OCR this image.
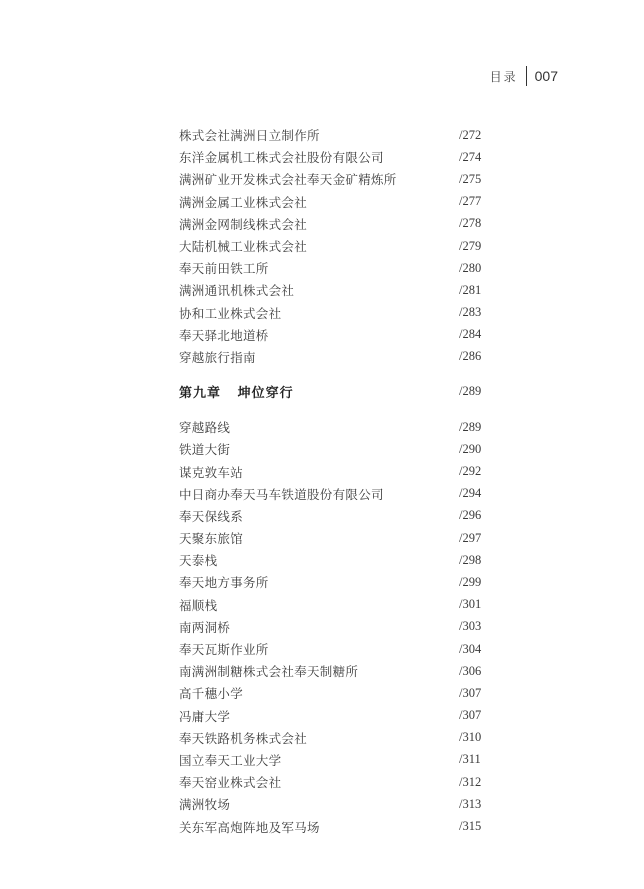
目录 007
株式会社满洲日立制作所	/272
东洋金属机工株式会社股份有限公司	/274
满洲矿业开发株式会社奉天金矿精炼所	/275
满洲金属工业株式会社	/277
满洲金网制线株式会社	/278
大陆机械工业株式会社	/279
奉天前田铁工所	/280
满洲通讯机株式会社	/281
协和工业株式会社	/283
奉天驿北地道桥	/284
穿越旅行指南	/286
第九章   坤位穿行	/289
穿越路线	/289
铁道大街	/290
谋克敦车站	/292
中日商办奉天马车铁道股份有限公司	/294
奉天保线系	/296
天聚东旅馆	/297
天泰栈	/298
奉天地方事务所	/299
福顺栈	/301
南两洞桥	/303
奉天瓦斯作业所	/304
南满洲制糖株式会社奉天制糖所	/306
高千穗小学	/307
冯庸大学	/307
奉天铁路机务株式会社	/310
国立奉天工业大学	/311
奉天窑业株式会社	/312
满洲牧场	/313
关东军高炮阵地及军马场	/315
